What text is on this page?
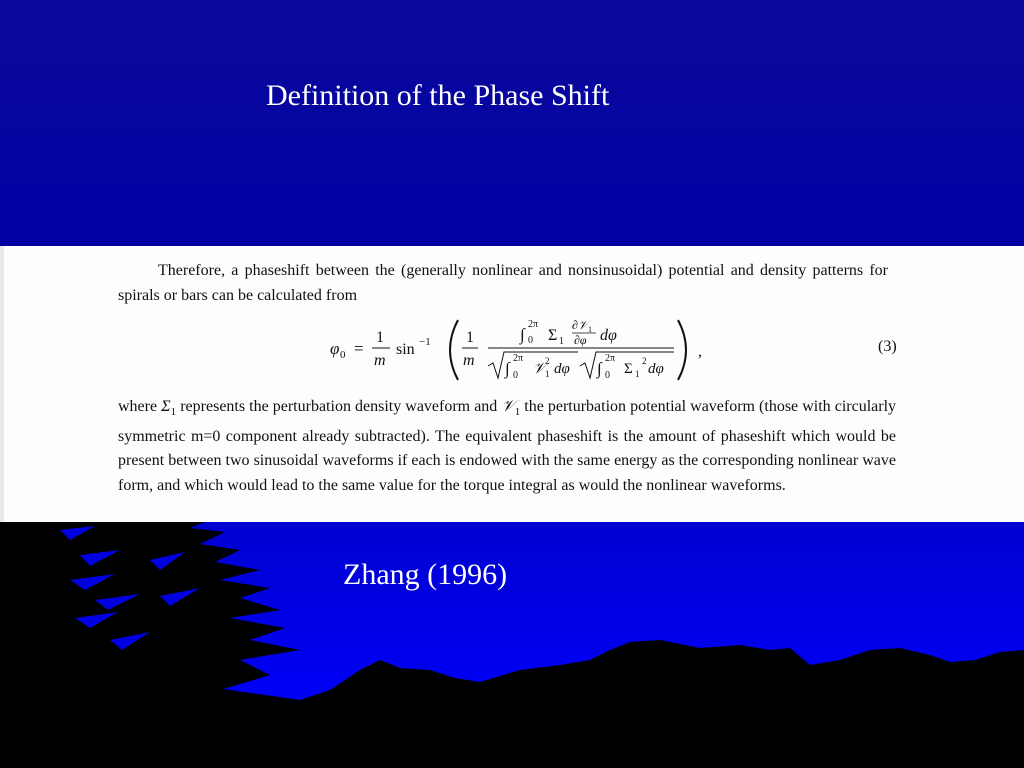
Definition of the Phase Shift

Therefore, a phaseshift between the (generally nonlinear and nonsinusoidal) potential and density patterns for spirals or bars can be calculated from

φ 0 =
1
m
sin −1 1
m
∫
2π
0 Σ 1
∂𝒱 1
∂φ dφ
∫
2π
0 𝒱 2
1 dφ ∫
2π
0 Σ 1
2 dφ
,	(3)

where $\Sigma_1$ represents the perturbation density waveform and 𝒱$_1$ the perturbation potential waveform (those with circularly symmetric m=0 component already subtracted). The equivalent phaseshift is the amount of phaseshift which would be present between two sinusoidal waveforms if each is endowed with the same energy as the corresponding nonlinear wave form, and which would lead to the same value for the torque integral as would the nonlinear waveforms.

Zhang (1996)
